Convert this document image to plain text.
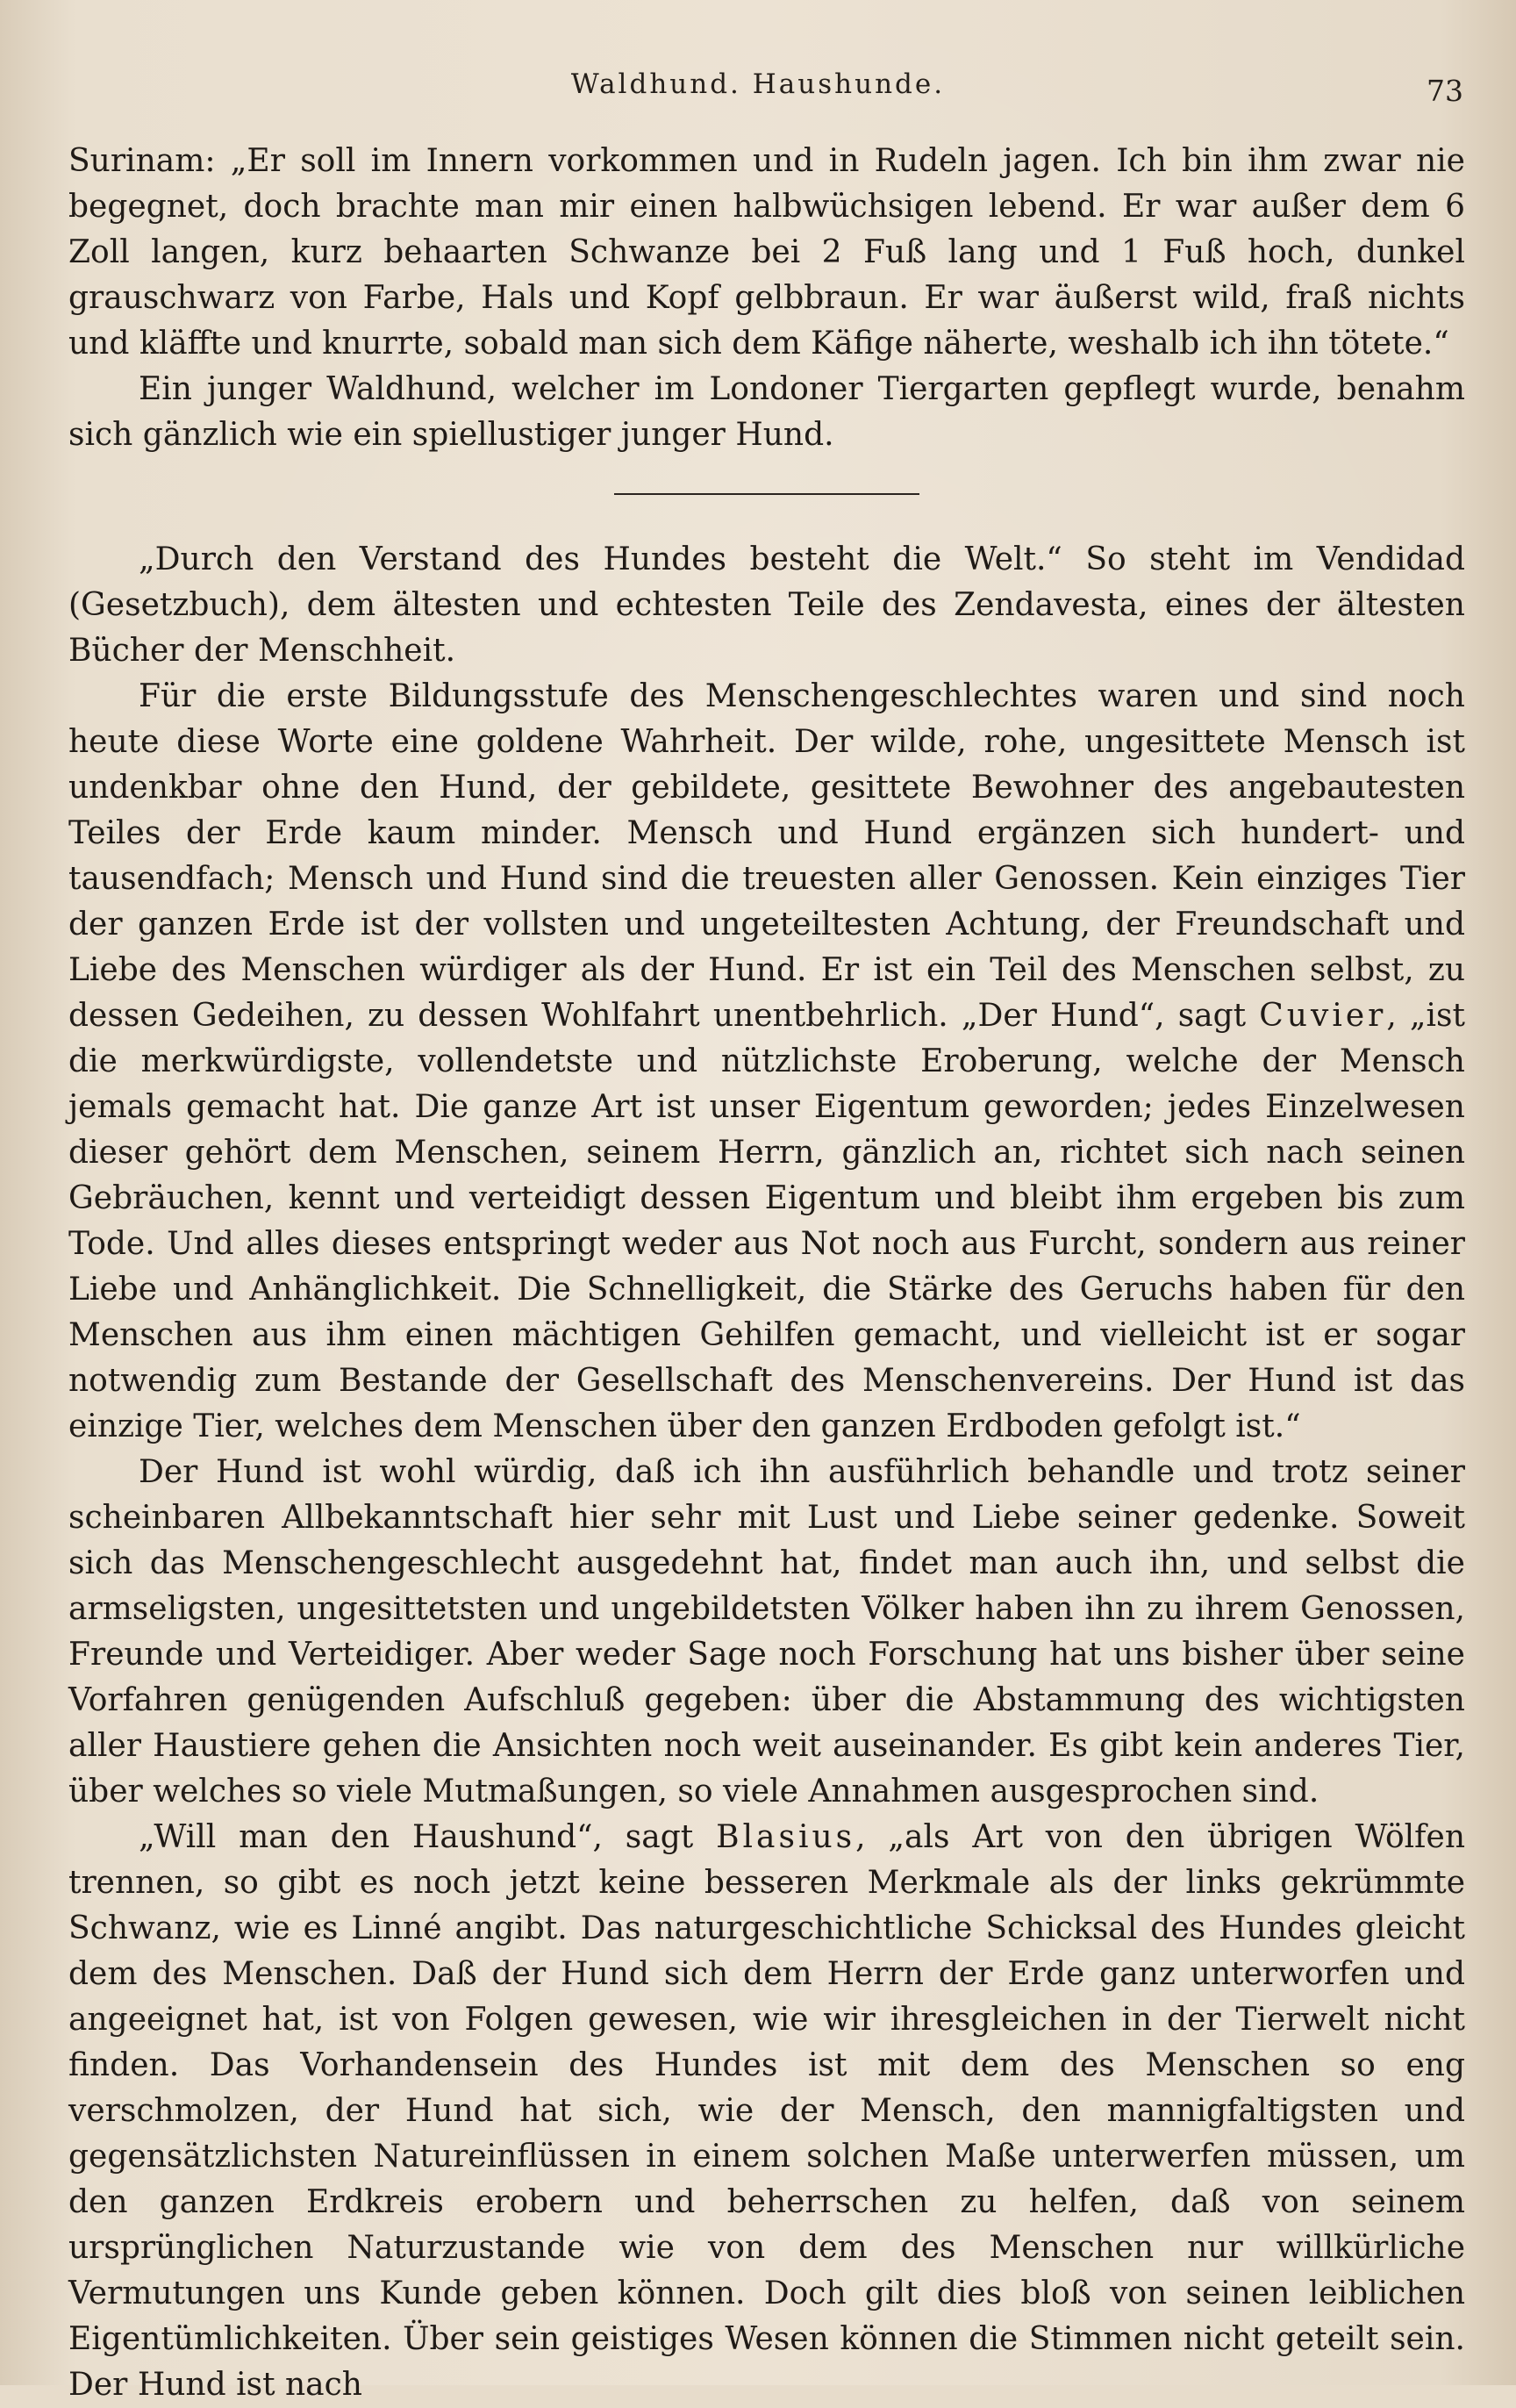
Waldhund. Haushunde.	73

Surinam: „Er soll im Innern vorkommen und in Rudeln jagen. Ich bin ihm zwar nie begegnet, doch brachte man mir einen halbwüchsigen lebend. Er war außer dem 6 Zoll langen, kurz behaarten Schwanze bei 2 Fuß lang und 1 Fuß hoch, dunkel grauschwarz von Farbe, Hals und Kopf gelbbraun. Er war äußerst wild, fraß nichts und kläffte und knurrte, sobald man sich dem Käfige näherte, weshalb ich ihn tötete.“

Ein junger Waldhund, welcher im Londoner Tiergarten gepflegt wurde, benahm sich gänzlich wie ein spiellustiger junger Hund.

„Durch den Verstand des Hundes besteht die Welt.“ So steht im Vendidad (Gesetzbuch), dem ältesten und echtesten Teile des Zendavesta, eines der ältesten Bücher der Menschheit.

Für die erste Bildungsstufe des Menschengeschlechtes waren und sind noch heute diese Worte eine goldene Wahrheit. Der wilde, rohe, ungesittete Mensch ist undenkbar ohne den Hund, der gebildete, gesittete Bewohner des angebautesten Teiles der Erde kaum minder. Mensch und Hund ergänzen sich hundert- und tausendfach; Mensch und Hund sind die treuesten aller Genossen. Kein einziges Tier der ganzen Erde ist der vollsten und ungeteiltesten Achtung, der Freundschaft und Liebe des Menschen würdiger als der Hund. Er ist ein Teil des Menschen selbst, zu dessen Gedeihen, zu dessen Wohlfahrt unentbehrlich. „Der Hund“, sagt Cuvier, „ist die merkwürdigste, vollendetste und nützlichste Eroberung, welche der Mensch jemals gemacht hat. Die ganze Art ist unser Eigentum geworden; jedes Einzelwesen dieser gehört dem Menschen, seinem Herrn, gänzlich an, richtet sich nach seinen Gebräuchen, kennt und verteidigt dessen Eigentum und bleibt ihm ergeben bis zum Tode. Und alles dieses entspringt weder aus Not noch aus Furcht, sondern aus reiner Liebe und Anhänglichkeit. Die Schnelligkeit, die Stärke des Geruchs haben für den Menschen aus ihm einen mächtigen Gehilfen gemacht, und vielleicht ist er sogar notwendig zum Bestande der Gesellschaft des Menschenvereins. Der Hund ist das einzige Tier, welches dem Menschen über den ganzen Erdboden gefolgt ist.“

Der Hund ist wohl würdig, daß ich ihn ausführlich behandle und trotz seiner scheinbaren Allbekanntschaft hier sehr mit Lust und Liebe seiner gedenke. Soweit sich das Menschengeschlecht ausgedehnt hat, findet man auch ihn, und selbst die armseligsten, ungesittetsten und ungebildetsten Völker haben ihn zu ihrem Genossen, Freunde und Verteidiger. Aber weder Sage noch Forschung hat uns bisher über seine Vorfahren genügenden Aufschluß gegeben: über die Abstammung des wichtigsten aller Haustiere gehen die Ansichten noch weit auseinander. Es gibt kein anderes Tier, über welches so viele Mutmaßungen, so viele Annahmen ausgesprochen sind.

„Will man den Haushund“, sagt Blasius, „als Art von den übrigen Wölfen trennen, so gibt es noch jetzt keine besseren Merkmale als der links gekrümmte Schwanz, wie es Linné angibt. Das naturgeschichtliche Schicksal des Hundes gleicht dem des Menschen. Daß der Hund sich dem Herrn der Erde ganz unterworfen und angeeignet hat, ist von Folgen gewesen, wie wir ihresgleichen in der Tierwelt nicht finden. Das Vorhandensein des Hundes ist mit dem des Menschen so eng verschmolzen, der Hund hat sich, wie der Mensch, den mannigfaltigsten und gegensätzlichsten Natureinflüssen in einem solchen Maße unterwerfen müssen, um den ganzen Erdkreis erobern und beherrschen zu helfen, daß von seinem ursprünglichen Naturzustande wie von dem des Menschen nur willkürliche Vermutungen uns Kunde geben können. Doch gilt dies bloß von seinen leiblichen Eigentümlichkeiten. Über sein geistiges Wesen können die Stimmen nicht geteilt sein. Der Hund ist nach
